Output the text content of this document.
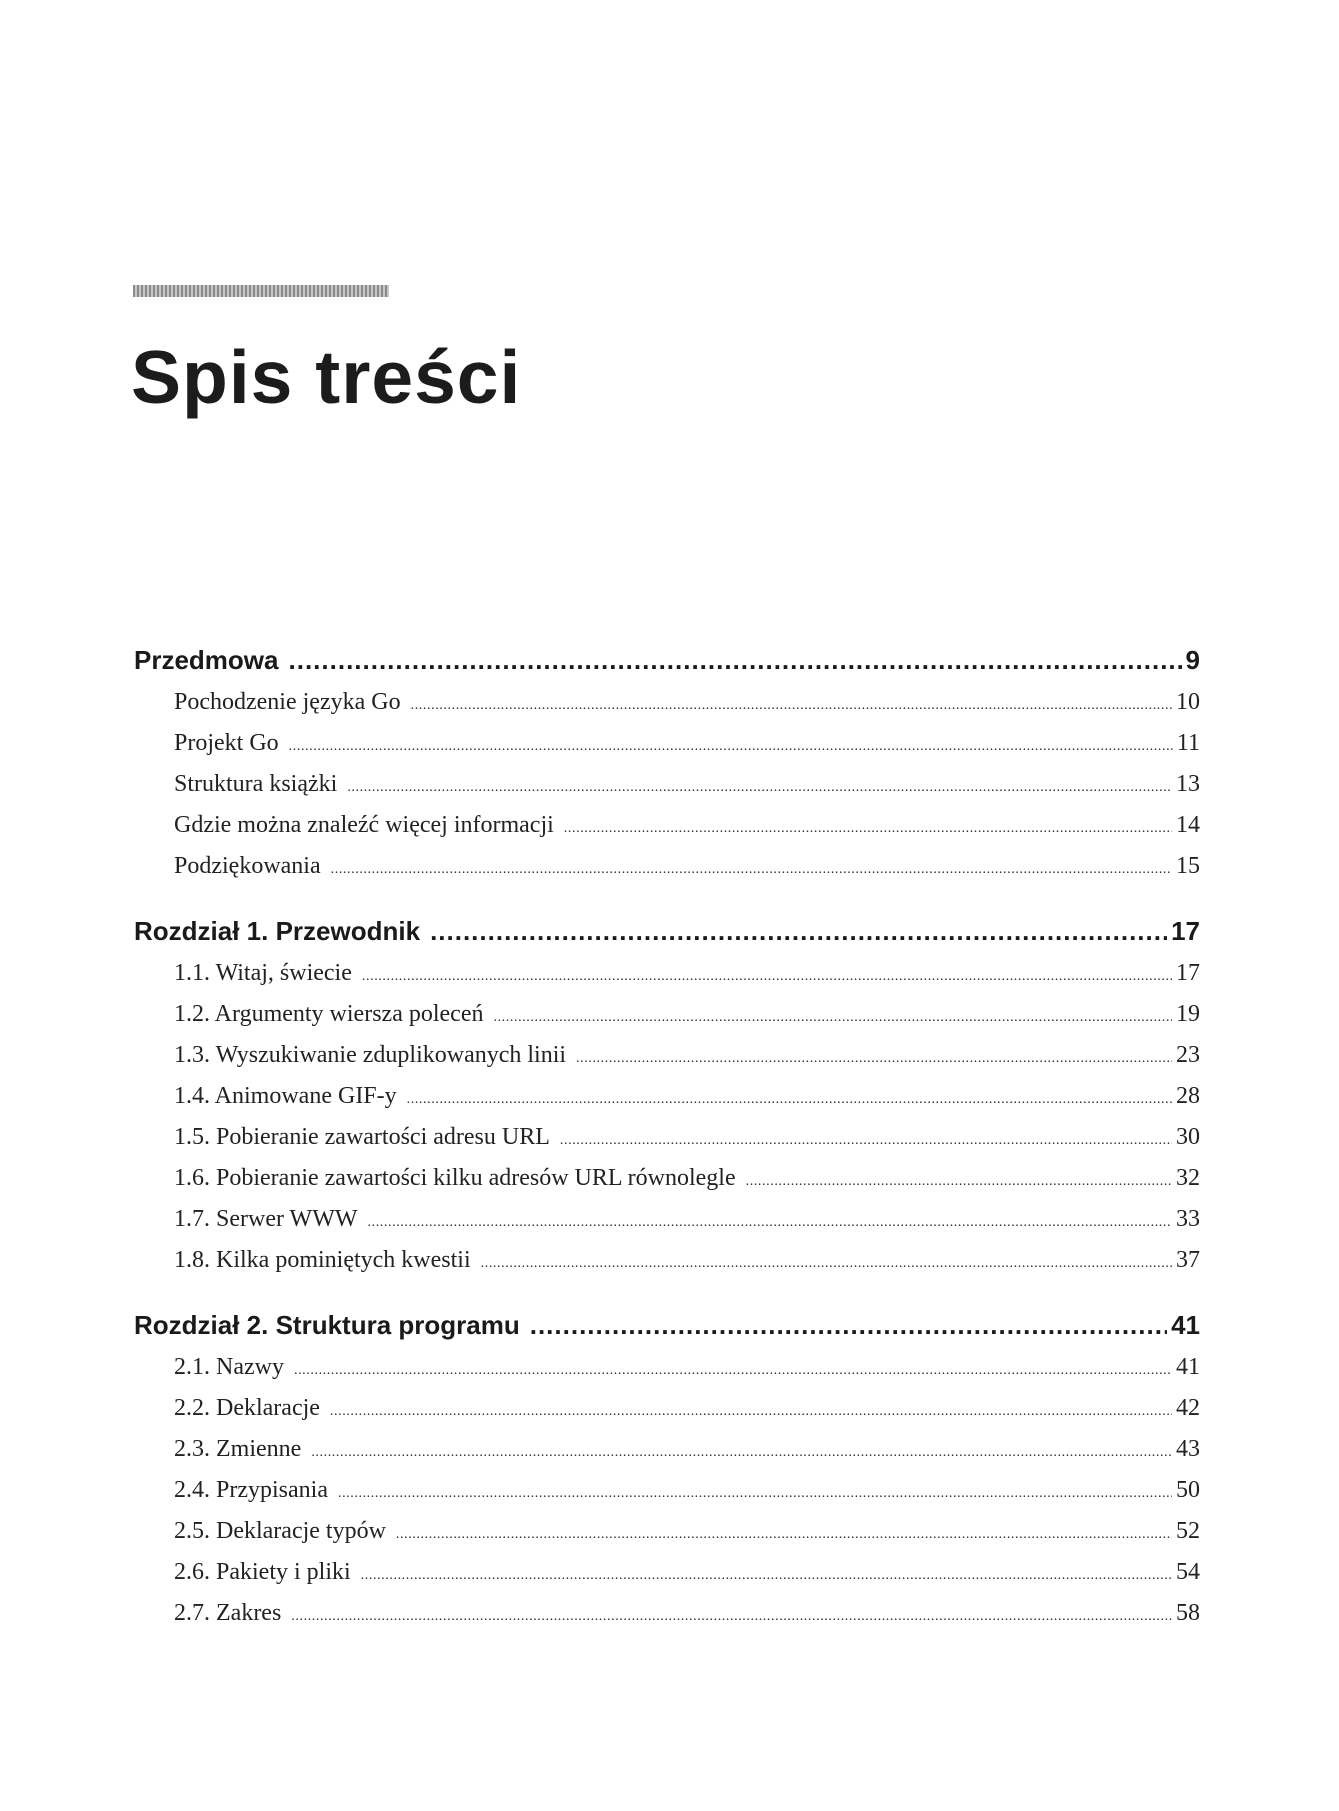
Spis treści
Przedmowa .....	9
Pochodzenie języka Go .....	10
Projekt Go .....	11
Struktura książki .....	13
Gdzie można znaleźć więcej informacji .....	14
Podziękowania .....	15
Rozdział 1. Przewodnik .....	17
1.1. Witaj, świecie .....	17
1.2. Argumenty wiersza poleceń .....	19
1.3. Wyszukiwanie zduplikowanych linii .....	23
1.4. Animowane GIF-y .....	28
1.5. Pobieranie zawartości adresu URL .....	30
1.6. Pobieranie zawartości kilku adresów URL równolegle .....	32
1.7. Serwer WWW .....	33
1.8. Kilka pominiętych kwestii .....	37
Rozdział 2. Struktura programu .....	41
2.1. Nazwy .....	41
2.2. Deklaracje .....	42
2.3. Zmienne .....	43
2.4. Przypisania .....	50
2.5. Deklaracje typów .....	52
2.6. Pakiety i pliki .....	54
2.7. Zakres .....	58
